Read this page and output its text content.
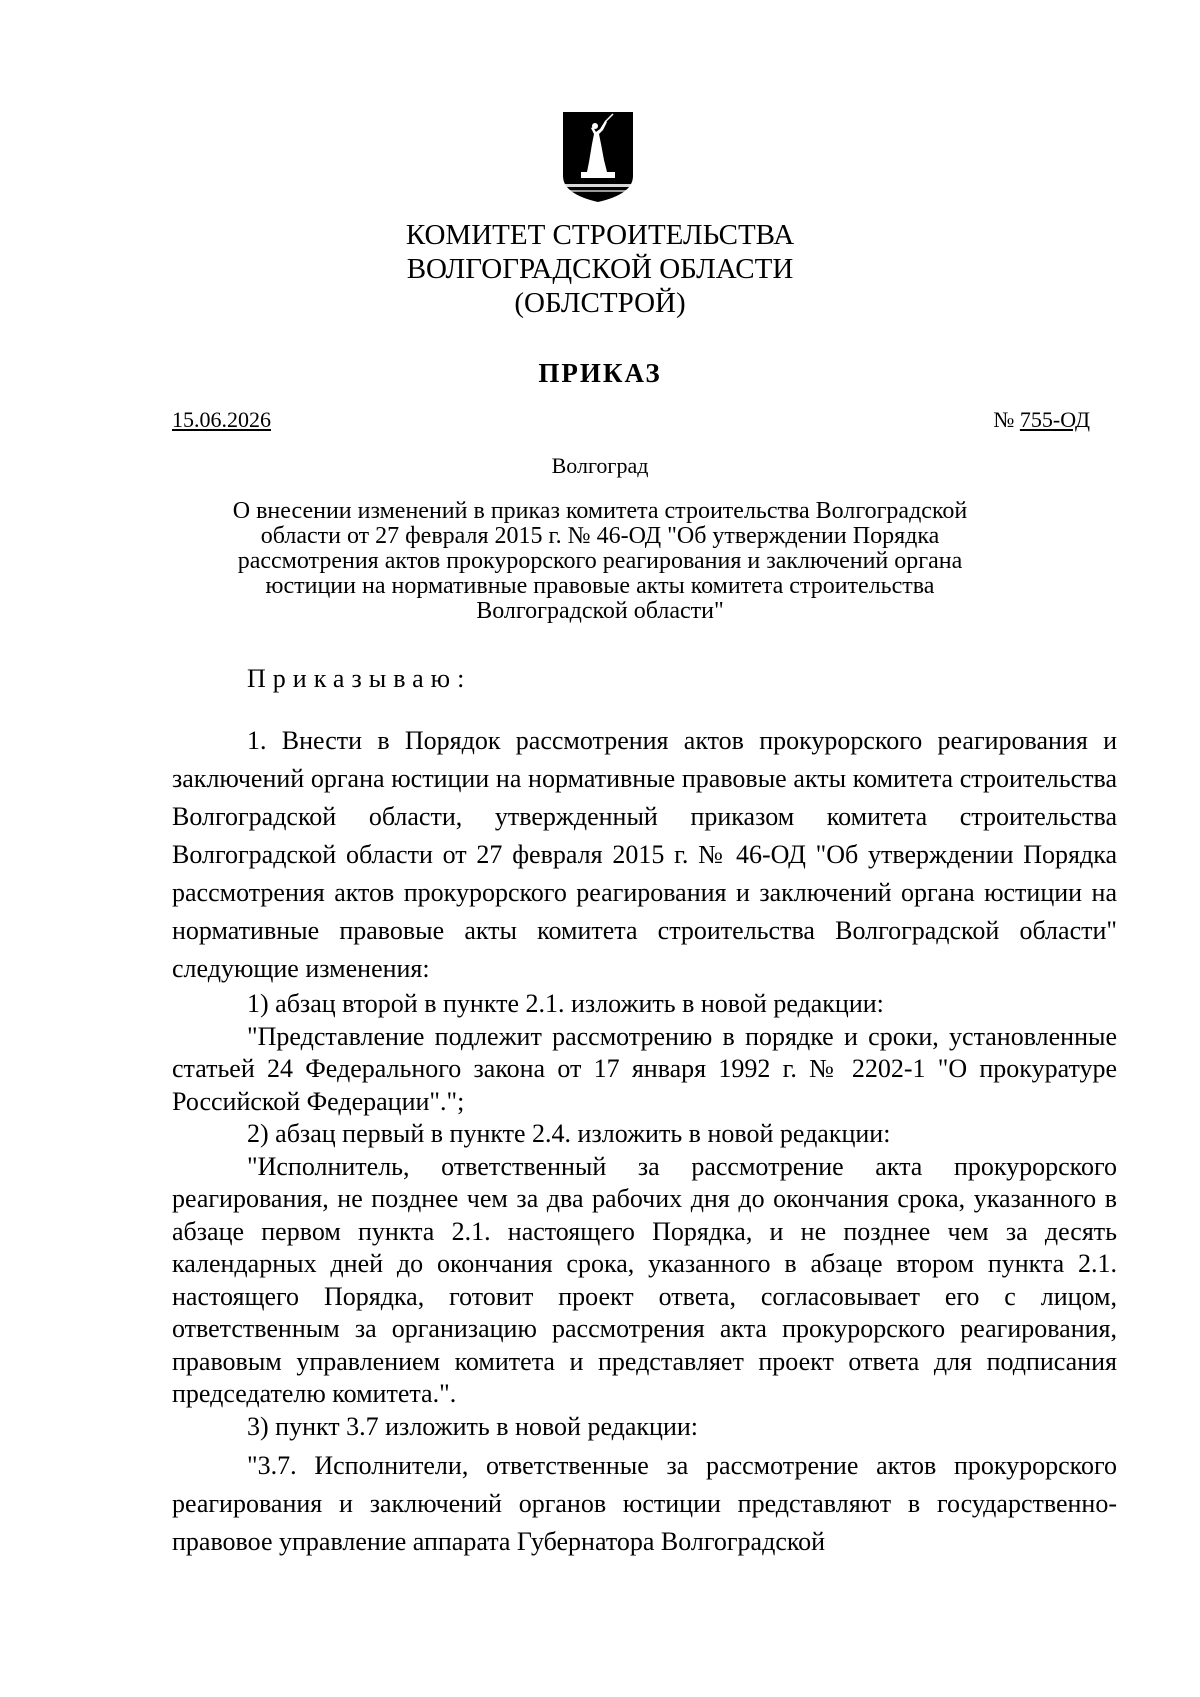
КОМИТЕТ СТРОИТЕЛЬСТВА
ВОЛГОГРАДСКОЙ ОБЛАСТИ
(ОБЛСТРОЙ)
ПРИКАЗ
15.06.2026	№ 755-ОД
Волгоград
О внесении изменений в приказ комитета строительства Волгоградской
области от 27 февраля 2015 г. № 46-ОД "Об утверждении Порядка
рассмотрения актов прокурорского реагирования и заключений органа
юстиции на нормативные правовые акты комитета строительства
Волгоградской области"
Приказываю:

1. Внести в Порядок рассмотрения актов прокурорского реагирования и заключений органа юстиции на нормативные правовые акты комитета строительства Волгоградской области, утвержденный приказом комитета строительства Волгоградской области от 27 февраля 2015 г. № 46-ОД "Об утверждении Порядка рассмотрения актов прокурорского реагирования и заключений органа юстиции на нормативные правовые акты комитета строительства Волгоградской области" следующие изменения:

1) абзац второй в пункте 2.1. изложить в новой редакции:

"Представление подлежит рассмотрению в порядке и сроки, установленные статьей 24 Федерального закона от 17 января 1992 г. № 2202-1 "О прокуратуре Российской Федерации".";

2) абзац первый в пункте 2.4. изложить в новой редакции:

"Исполнитель, ответственный за рассмотрение акта прокурорского реагирования, не позднее чем за два рабочих дня до окончания срока, указанного в абзаце первом пункта 2.1. настоящего Порядка, и не позднее чем за десять календарных дней до окончания срока, указанного в абзаце втором пункта 2.1. настоящего Порядка, готовит проект ответа, согласовывает его с лицом, ответственным за организацию рассмотрения акта прокурорского реагирования, правовым управлением комитета и представляет проект ответа для подписания председателю комитета.".

3) пункт 3.7 изложить в новой редакции:

"3.7. Исполнители, ответственные за рассмотрение актов прокурорского реагирования и заключений органов юстиции представляют в государственно-правовое управление аппарата Губернатора Волгоградской
